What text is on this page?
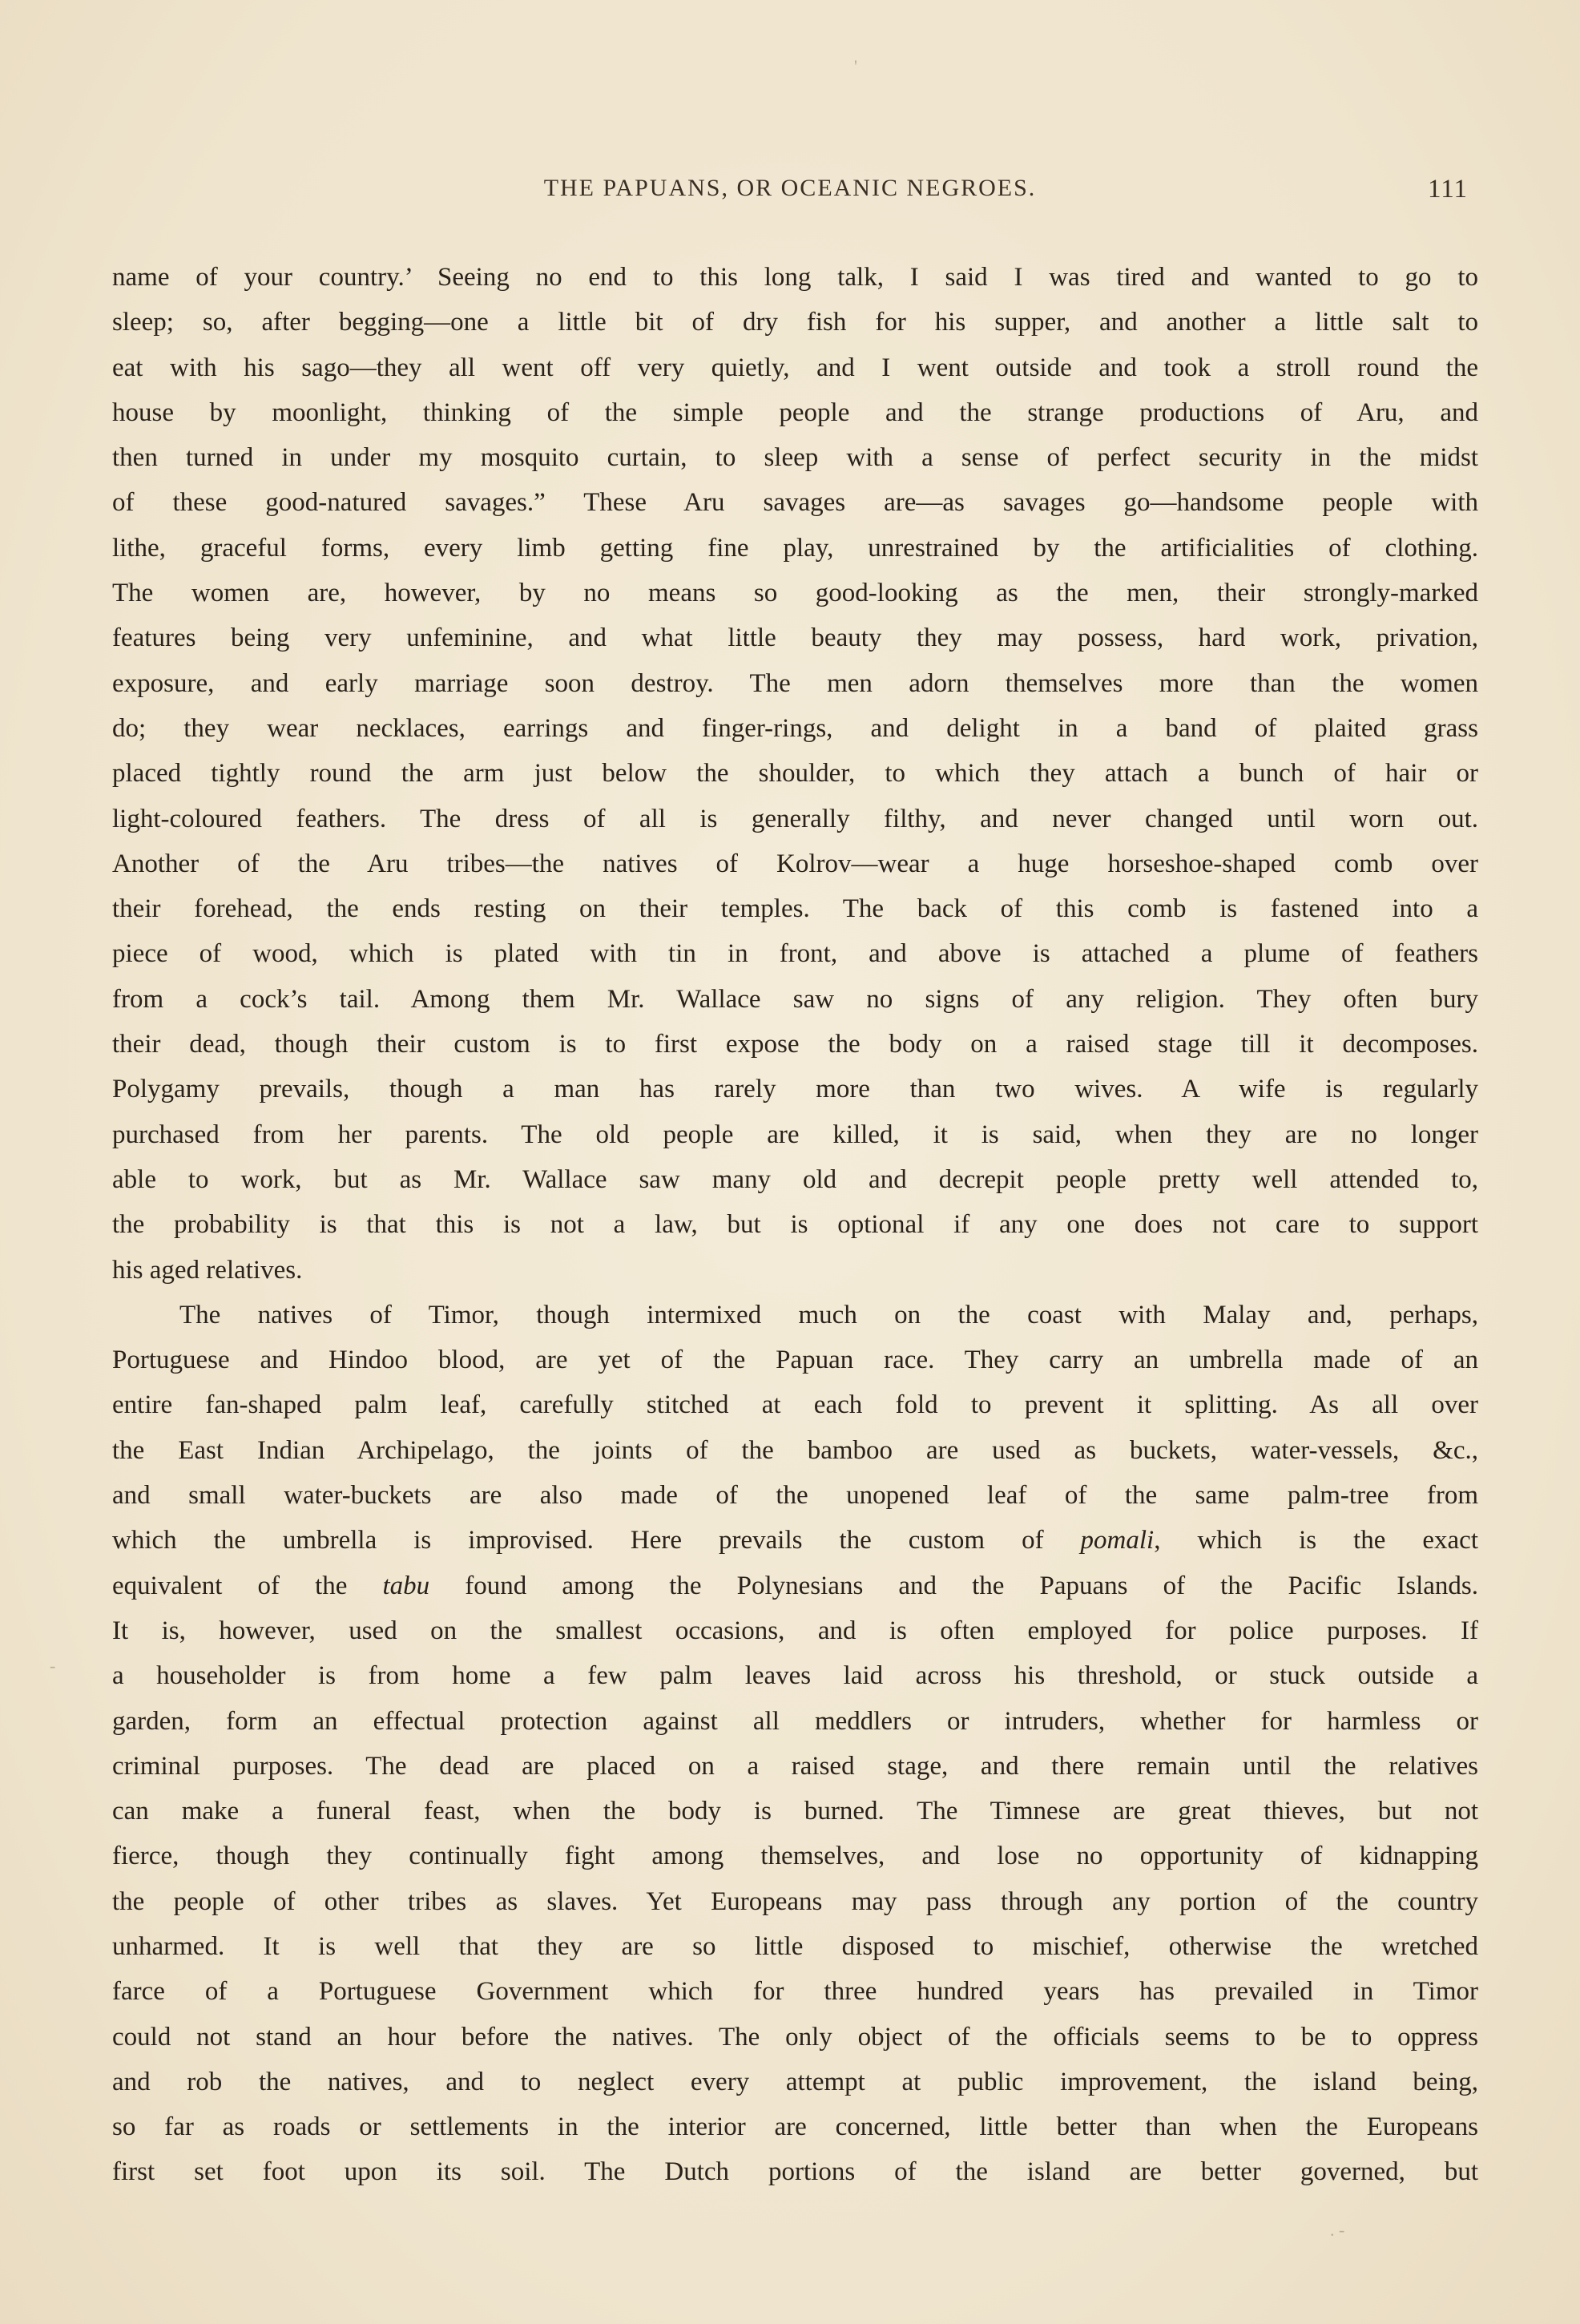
THE PAPUANS, OR OCEANIC NEGROES.	111
name of your country.’ Seeing no end to this long talk, I said I was tired and wanted to go to
sleep; so, after begging—one a little bit of dry fish for his supper, and another a little salt to
eat with his sago—they all went off very quietly, and I went outside and took a stroll round the
house by moonlight, thinking of the simple people and the strange productions of Aru, and
then turned in under my mosquito curtain, to sleep with a sense of perfect security in the midst
of these good-natured savages.” These Aru savages are—as savages go—handsome people with
lithe, graceful forms, every limb getting fine play, unrestrained by the artificialities of clothing.
The women are, however, by no means so good-looking as the men, their strongly-marked
features being very unfeminine, and what little beauty they may possess, hard work, privation,
exposure, and early marriage soon destroy. The men adorn themselves more than the women
do; they wear necklaces, earrings and finger-rings, and delight in a band of plaited grass
placed tightly round the arm just below the shoulder, to which they attach a bunch of hair or
light-coloured feathers. The dress of all is generally filthy, and never changed until worn out.
Another of the Aru tribes—the natives of Kolrov—wear a huge horseshoe-shaped comb over
their forehead, the ends resting on their temples. The back of this comb is fastened into a
piece of wood, which is plated with tin in front, and above is attached a plume of feathers
from a cock’s tail. Among them Mr. Wallace saw no signs of any religion. They often bury
their dead, though their custom is to first expose the body on a raised stage till it decomposes.
Polygamy prevails, though a man has rarely more than two wives. A wife is regularly
purchased from her parents. The old people are killed, it is said, when they are no longer
able to work, but as Mr. Wallace saw many old and decrepit people pretty well attended to,
the probability is that this is not a law, but is optional if any one does not care to support
his aged relatives.
The natives of Timor, though intermixed much on the coast with Malay and, perhaps,
Portuguese and Hindoo blood, are yet of the Papuan race. They carry an umbrella made of an
entire fan-shaped palm leaf, carefully stitched at each fold to prevent it splitting. As all over
the East Indian Archipelago, the joints of the bamboo are used as buckets, water-vessels, &c.,
and small water-buckets are also made of the unopened leaf of the same palm-tree from
which the umbrella is improvised. Here prevails the custom of pomali, which is the exact
equivalent of the tabu found among the Polynesians and the Papuans of the Pacific Islands.
It is, however, used on the smallest occasions, and is often employed for police purposes. If
a householder is from home a few palm leaves laid across his threshold, or stuck outside a
garden, form an effectual protection against all meddlers or intruders, whether for harmless or
criminal purposes. The dead are placed on a raised stage, and there remain until the relatives
can make a funeral feast, when the body is burned. The Timnese are great thieves, but not
fierce, though they continually fight among themselves, and lose no opportunity of kidnapping
the people of other tribes as slaves. Yet Europeans may pass through any portion of the country
unharmed. It is well that they are so little disposed to mischief, otherwise the wretched
farce of a Portuguese Government which for three hundred years has prevailed in Timor
could not stand an hour before the natives. The only object of the officials seems to be to oppress
and rob the natives, and to neglect every attempt at public improvement, the island being,
so far as roads or settlements in the interior are concerned, little better than when the Europeans
first set foot upon its soil. The Dutch portions of the island are better governed, but
'
-
. -
